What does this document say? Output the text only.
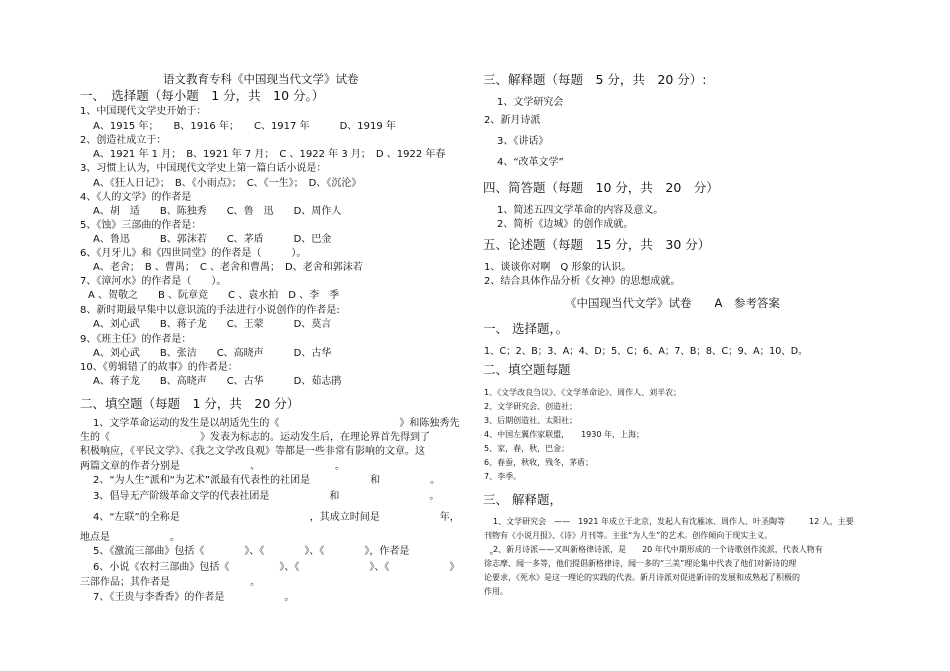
语文教育专科《中国现当代文学》试卷
一、　选择题（每小题　1 分，共　10 分。）
1、中国现代文学史开始于：
A、1915 年；　　B、1916 年；　　C、1917 年　　　D、1919 年
2、创造社成立于：
A、1921 年 1 月；　B、1921 年 7 月；　C 、1922 年 3 月；　D 、1922 年春
3、习惯上认为，中国现代文学史上第一篇白话小说是：
A、《狂人日记》；　B、《小雨点》；　C、《一生》；　D、《沉沦》
4、《人的文学》的作者是
A、胡　适　　B、陈独秀　　C、鲁　迅　　D、周作人
5、《蚀》三部曲的作者是：
A、鲁迅　　　B、郭沫若　　C、茅盾　　　D、巴金
6、《月牙儿》和《四世同堂》的作者是（　　　）。
A、老舍；　B 、曹禺；　C 、老舍和曹禺；　D、老舍和郭沫若
7、《漳河水》的作者是（　　）。
A 、贺敬之　　B 、阮章竞　　C 、袁水拍　D 、李　季
8、新时期最早集中以意识流的手法进行小说创作的作者是:
A、刘心武　　B、蒋子龙　　C、王蒙　　　D、莫言
9、《班主任》的作者是：
A、刘心武　　B、张洁　　C、高晓声　　　D、古华
10、《剪辑错了的故事》的作者是：
A、蒋子龙　　B、高晓声　　C、古华　　　D、茹志鹃
二、填空题（每题　1 分，共　20 分）
1、文学革命运动的发生是以胡适先生的《　　　　　　　　　　　　》和陈独秀先
生的《　　　　　　　　　》发表为标志的。运动发生后，在理论界首先得到了
积极响应，《平民文学》、《我之文学改良观》等都是一些非常有影响的文章。这
两篇文章的作者分别是　　　　　　　、　　　　　　　　。
2、“为人生”派和“为艺术”派最有代表性的社团是　　　　　　和　　　　　。
3、倡导无产阶级革命文学的代表社团是　　　　　　和　　　　　　　　　。
4、“左联”的全称是　　　　　　　　　　　　　，其成立时间是　　　　　　年，
地点是　　　　　　。
5、《激流三部曲》包括《　　　　》、《　　　　》、《　　　　》，作者是　　　　　　　　。
6、小说《农村三部曲》包括《　　　　　》、《　　　　　　　》、《　　　　　　》
三部作品；其作者是　　　　　　　　。
7、《王贵与李香香》的作者是　　　　　　。
三、解释题（每题　5 分，共　20 分）:
1、文学研究会
2、新月诗派
3、《讲话》
4、“改革文学”
四、简答题（每题　10 分，共　20　分）
1、简述五四文学革命的内容及意义。
2、简析《边城》的创作成就。
五、论述题（每题　15 分，共　30 分）
1、谈谈你对啊　Q 形象的认识。
2、结合具体作品分析《女神》的思想成就。
《中国现当代文学》试卷　　A　参考答案
一、 选择题，。
1、C；2、B；3、A；4、D；5、C；6、A；7、B；8、C；9、A；10、D。
二、填空题每题
1、《文学改良刍议》、《文学革命论》、周作人、刘半农；
2、文学研究会、创造社；
3、后期创造社、太阳社；
4、中国左翼作家联盟，　　1930 年，上海；
5、家，春，秋，巴金；
6、春蚕，秋收，残冬，茅盾；
7、李季。
三、 解释题，
1、文学研究会　——　1921 年成立于北京，发起人有沈雁冰、周作人、叶圣陶等　　　12 人，主要
刊物有《小说月报》、《诗》月刊等。主张“为人生”的艺术。创作倾向于现实主义。
2、新月诗派——又叫新格律诗派，是　　20 年代中期形成的一个诗歌创作流派，代表人物有
徐志摩、闻一多等，他们提倡新格律诗，闻一多的“三美”理论集中代表了他们对新诗的理
论要求，《死水》是这一理论的实践的代表。新月诗派对促进新诗的发展和成熟起了积极的
作用。
